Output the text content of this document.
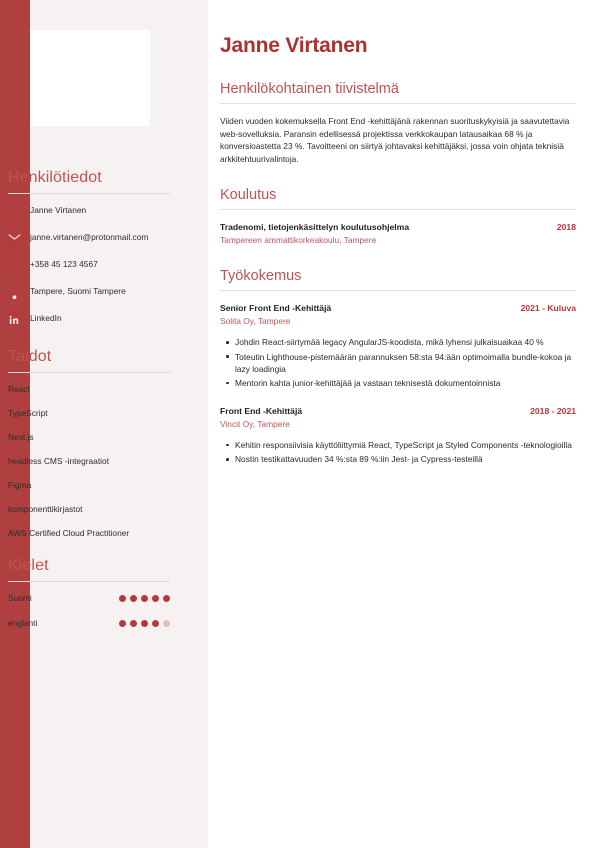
Henkilötiedot
Janne Virtanen
janne.virtanen@protonmail.com
+358 45 123 4567
Tampere, Suomi Tampere
LinkedIn
Taidot
React
TypeScript
Next.js
headless CMS -integraatiot
Figma
komponenttikirjastot
AWS Certified Cloud Practitioner
Kielet
Suomi
englanti
Janne Virtanen
Henkilökohtainen tiivistelmä

Viiden vuoden kokemuksella Front End -kehittäjänä rakennan suorituskykyisiä ja saavutettavia web-sovelluksia. Paransin edellisessä projektissa verkkokaupan latausaikaa 68 % ja konversioastetta 23 %. Tavoitteeni on siirtyä johtavaksi kehittäjäksi, jossa voin ohjata teknisiä arkkitehtuurivalintoja.

Koulutus
Tradenomi, tietojenkäsittelyn koulutusohjelma	2018
Tampereen ammattikorkeakoulu, Tampere
Työkokemus
Senior Front End -Kehittäjä	2021 - Kuluva
Solita Oy, Tampere
Johdin React-siirtymää legacy AngularJS-koodista, mikä lyhensi julkaisuaikaa 40 %
Toteutin Lighthouse-pistemäärän parannuksen 58:sta 94:ään optimoimalla bundle-kokoa ja lazy loadingia
Mentorin kahta junior-kehittäjää ja vastaan teknisestä dokumentoinnista
Front End -Kehittäjä	2018 - 2021
Vincit Oy, Tampere
Kehitin responsiivisia käyttöliittymiä React, TypeScript ja Styled Components -teknologioilla
Nostin testikattavuuden 34 %:sta 89 %:iin Jest- ja Cypress-testeillä
